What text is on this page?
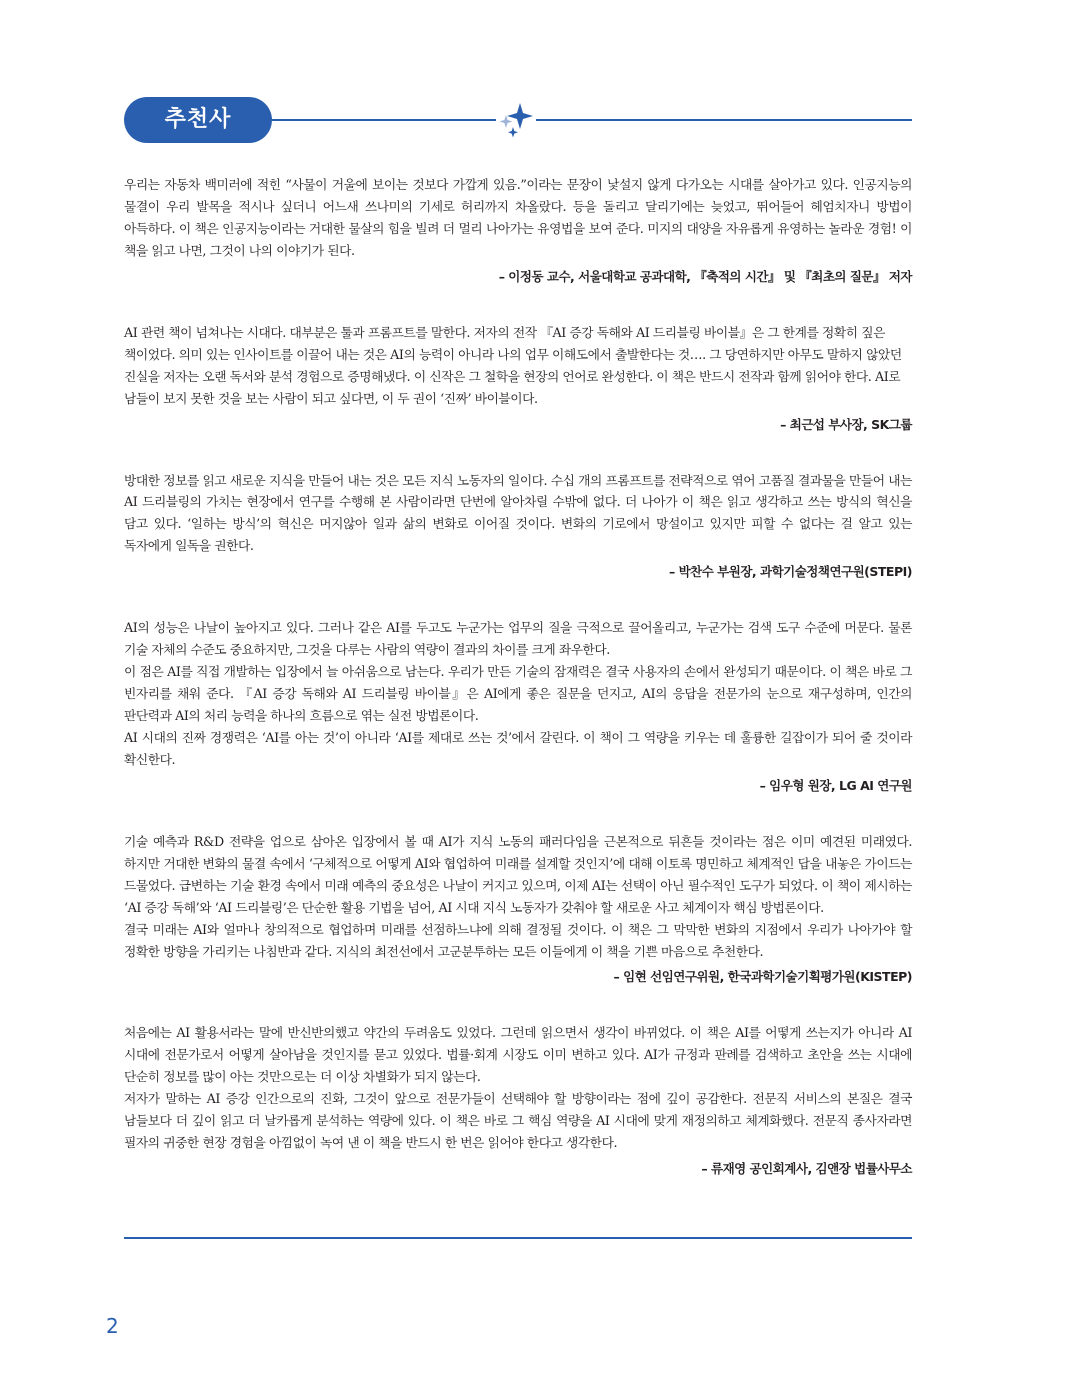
추천사

우리는 자동차 백미러에 적힌 “사물이 거울에 보이는 것보다 가깝게 있음.”이라는 문장이 낯설지 않게 다가오는 시대를 살아가고 있다. 인공지능의 물결이 우리 발목을 적시나 싶더니 어느새 쓰나미의 기세로 허리까지 차올랐다. 등을 돌리고 달리기에는 늦었고, 뛰어들어 헤엄치자니 방법이 아득하다. 이 책은 인공지능이라는 거대한 물살의 힘을 빌려 더 멀리 나아가는 유영법을 보여 준다. 미지의 대양을 자유롭게 유영하는 놀라운 경험! 이 책을 읽고 나면, 그것이 나의 이야기가 된다.

– 이정동 교수, 서울대학교 공과대학, 『축적의 시간』 및 『최초의 질문』 저자

AI 관련 책이 넘쳐나는 시대다. 대부분은 툴과 프롬프트를 말한다. 저자의 전작 『AI 증강 독해와 AI 드리블링 바이블』은 그 한계를 정확히 짚은 책이었다. 의미 있는 인사이트를 이끌어 내는 것은 AI의 능력이 아니라 나의 업무 이해도에서 출발한다는 것…. 그 당연하지만 아무도 말하지 않았던 진실을 저자는 오랜 독서와 분석 경험으로 증명해냈다. 이 신작은 그 철학을 현장의 언어로 완성한다. 이 책은 반드시 전작과 함께 읽어야 한다. AI로 남들이 보지 못한 것을 보는 사람이 되고 싶다면, 이 두 권이 ‘진짜’ 바이블이다.

– 최근섭 부사장, SK그룹

방대한 정보를 읽고 새로운 지식을 만들어 내는 것은 모든 지식 노동자의 일이다. 수십 개의 프롬프트를 전략적으로 엮어 고품질 결과물을 만들어 내는 AI 드리블링의 가치는 현장에서 연구를 수행해 본 사람이라면 단번에 알아차릴 수밖에 없다. 더 나아가 이 책은 읽고 생각하고 쓰는 방식의 혁신을 담고 있다. ‘일하는 방식’의 혁신은 머지않아 일과 삶의 변화로 이어질 것이다. 변화의 기로에서 망설이고 있지만 피할 수 없다는 걸 알고 있는 독자에게 일독을 권한다.

– 박찬수 부원장, 과학기술정책연구원(STEPI)

AI의 성능은 나날이 높아지고 있다. 그러나 같은 AI를 두고도 누군가는 업무의 질을 극적으로 끌어올리고, 누군가는 검색 도구 수준에 머문다. 물론 기술 자체의 수준도 중요하지만, 그것을 다루는 사람의 역량이 결과의 차이를 크게 좌우한다.

이 점은 AI를 직접 개발하는 입장에서 늘 아쉬움으로 남는다. 우리가 만든 기술의 잠재력은 결국 사용자의 손에서 완성되기 때문이다. 이 책은 바로 그 빈자리를 채워 준다. 『AI 증강 독해와 AI 드리블링 바이블』은 AI에게 좋은 질문을 던지고, AI의 응답을 전문가의 눈으로 재구성하며, 인간의 판단력과 AI의 처리 능력을 하나의 흐름으로 엮는 실전 방법론이다.

AI 시대의 진짜 경쟁력은 ‘AI를 아는 것’이 아니라 ‘AI를 제대로 쓰는 것’에서 갈린다. 이 책이 그 역량을 키우는 데 훌륭한 길잡이가 되어 줄 것이라 확신한다.

– 임우형 원장, LG AI 연구원

기술 예측과 R&D 전략을 업으로 삼아온 입장에서 볼 때 AI가 지식 노동의 패러다임을 근본적으로 뒤흔들 것이라는 점은 이미 예견된 미래였다. 하지만 거대한 변화의 물결 속에서 ‘구체적으로 어떻게 AI와 협업하여 미래를 설계할 것인지’에 대해 이토록 명민하고 체계적인 답을 내놓은 가이드는 드물었다. 급변하는 기술 환경 속에서 미래 예측의 중요성은 나날이 커지고 있으며, 이제 AI는 선택이 아닌 필수적인 도구가 되었다. 이 책이 제시하는 ‘AI 증강 독해’와 ‘AI 드리블링’은 단순한 활용 기법을 넘어, AI 시대 지식 노동자가 갖춰야 할 새로운 사고 체계이자 핵심 방법론이다.

결국 미래는 AI와 얼마나 창의적으로 협업하며 미래를 선점하느냐에 의해 결정될 것이다. 이 책은 그 막막한 변화의 지점에서 우리가 나아가야 할 정확한 방향을 가리키는 나침반과 같다. 지식의 최전선에서 고군분투하는 모든 이들에게 이 책을 기쁜 마음으로 추천한다.

– 임현 선임연구위원, 한국과학기술기획평가원(KISTEP)

처음에는 AI 활용서라는 말에 반신반의했고 약간의 두려움도 있었다. 그런데 읽으면서 생각이 바뀌었다. 이 책은 AI를 어떻게 쓰는지가 아니라 AI 시대에 전문가로서 어떻게 살아남을 것인지를 묻고 있었다. 법률·회계 시장도 이미 변하고 있다. AI가 규정과 판례를 검색하고 초안을 쓰는 시대에 단순히 정보를 많이 아는 것만으로는 더 이상 차별화가 되지 않는다.

저자가 말하는 AI 증강 인간으로의 진화, 그것이 앞으로 전문가들이 선택해야 할 방향이라는 점에 깊이 공감한다. 전문직 서비스의 본질은 결국 남들보다 더 깊이 읽고 더 날카롭게 분석하는 역량에 있다. 이 책은 바로 그 핵심 역량을 AI 시대에 맞게 재정의하고 체계화했다. 전문직 종사자라면 필자의 귀중한 현장 경험을 아낌없이 녹여 낸 이 책을 반드시 한 번은 읽어야 한다고 생각한다.

– 류재영 공인회계사, 김앤장 법률사무소
2
